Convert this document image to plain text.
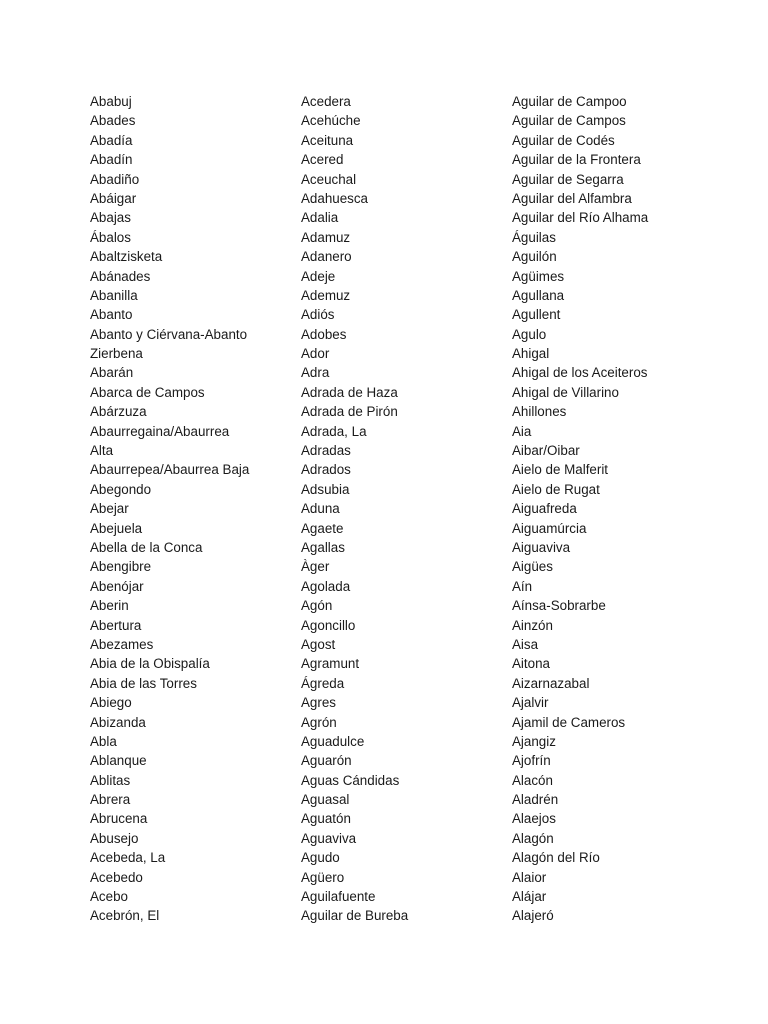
Ababuj
Abades
Abadía
Abadín
Abadiño
Abáigar
Abajas
Ábalos
Abaltzisketa
Abánades
Abanilla
Abanto
Abanto y Ciérvana-Abanto
Zierbena
Abarán
Abarca de Campos
Abárzuza
Abaurregaina/Abaurrea
Alta
Abaurrepea/Abaurrea Baja
Abegondo
Abejar
Abejuela
Abella de la Conca
Abengibre
Abenójar
Aberin
Abertura
Abezames
Abia de la Obispalía
Abia de las Torres
Abiego
Abizanda
Abla
Ablanque
Ablitas
Abrera
Abrucena
Abusejo
Acebeda, La
Acebedo
Acebo
Acebrón, El
Acedera
Acehúche
Aceituna
Acered
Aceuchal
Adahuesca
Adalia
Adamuz
Adanero
Adeje
Ademuz
Adiós
Adobes
Ador
Adra
Adrada de Haza
Adrada de Pirón
Adrada, La
Adradas
Adrados
Adsubia
Aduna
Agaete
Agallas
Àger
Agolada
Agón
Agoncillo
Agost
Agramunt
Ágreda
Agres
Agrón
Aguadulce
Aguarón
Aguas Cándidas
Aguasal
Aguatón
Aguaviva
Agudo
Agüero
Aguilafuente
Aguilar de Bureba
Aguilar de Campoo
Aguilar de Campos
Aguilar de Codés
Aguilar de la Frontera
Aguilar de Segarra
Aguilar del Alfambra
Aguilar del Río Alhama
Águilas
Aguilón
Agüimes
Agullana
Agullent
Agulo
Ahigal
Ahigal de los Aceiteros
Ahigal de Villarino
Ahillones
Aia
Aibar/Oibar
Aielo de Malferit
Aielo de Rugat
Aiguafreda
Aiguamúrcia
Aiguaviva
Aigües
Aín
Aínsa-Sobrarbe
Ainzón
Aisa
Aitona
Aizarnazabal
Ajalvir
Ajamil de Cameros
Ajangiz
Ajofrín
Alacón
Aladrén
Alaejos
Alagón
Alagón del Río
Alaior
Alájar
Alajeró
